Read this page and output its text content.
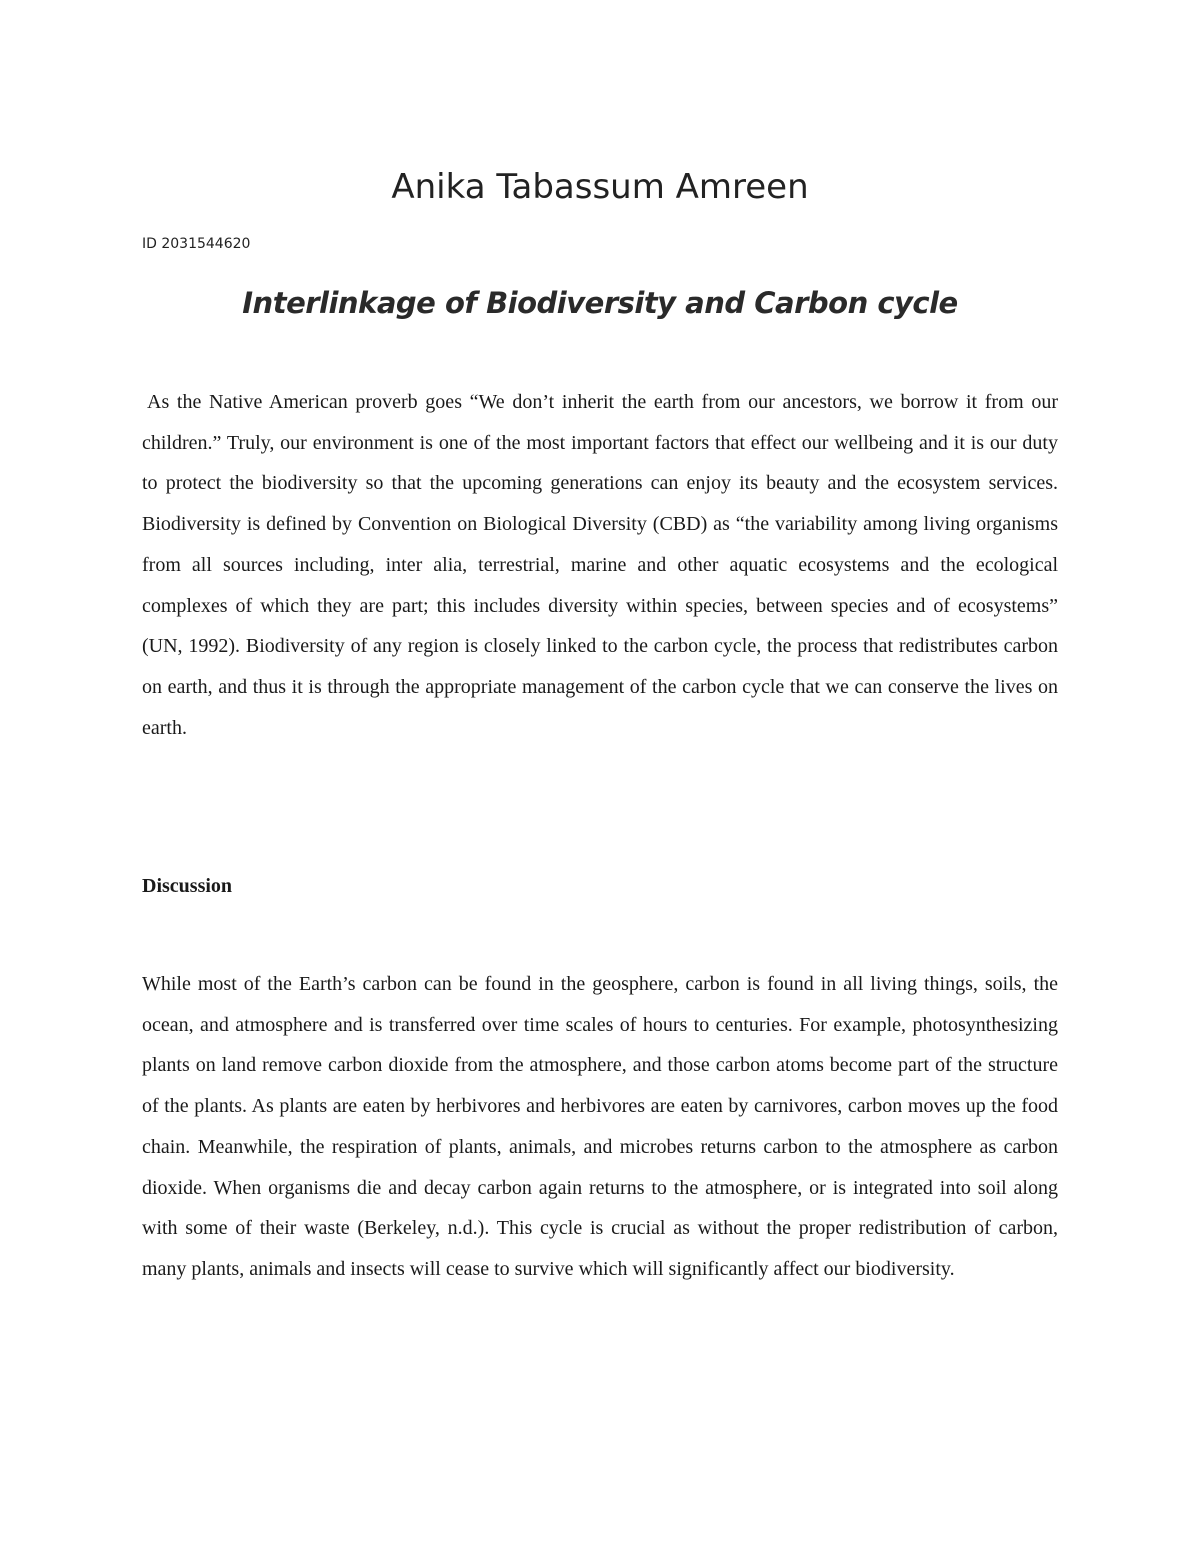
Anika Tabassum Amreen

ID 2031544620

Interlinkage of Biodiversity and Carbon cycle

As the Native American proverb goes “We don’t inherit the earth from our ancestors, we borrow it from our children.” Truly, our environment is one of the most important factors that effect our wellbeing and it is our duty to protect the biodiversity so that the upcoming generations can enjoy its beauty and the ecosystem services. Biodiversity is defined by Convention on Biological Diversity (CBD) as “the variability among living organisms from all sources including, inter alia, terrestrial, marine and other aquatic ecosystems and the ecological complexes of which they are part; this includes diversity within species, between species and of ecosystems” (UN, 1992). Biodiversity of any region is closely linked to the carbon cycle, the process that redistributes carbon on earth, and thus it is through the appropriate management of the carbon cycle that we can conserve the lives on earth.

Discussion

While most of the Earth’s carbon can be found in the geosphere, carbon is found in all living things, soils, the ocean, and atmosphere and is transferred over time scales of hours to centuries. For example, photosynthesizing plants on land remove carbon dioxide from the atmosphere, and those carbon atoms become part of the structure of the plants. As plants are eaten by herbivores and herbivores are eaten by carnivores, carbon moves up the food chain. Meanwhile, the respiration of plants, animals, and microbes returns carbon to the atmosphere as carbon dioxide. When organisms die and decay carbon again returns to the atmosphere, or is integrated into soil along with some of their waste (Berkeley, n.d.). This cycle is crucial as without the proper redistribution of carbon, many plants, animals and insects will cease to survive which will significantly affect our biodiversity.
